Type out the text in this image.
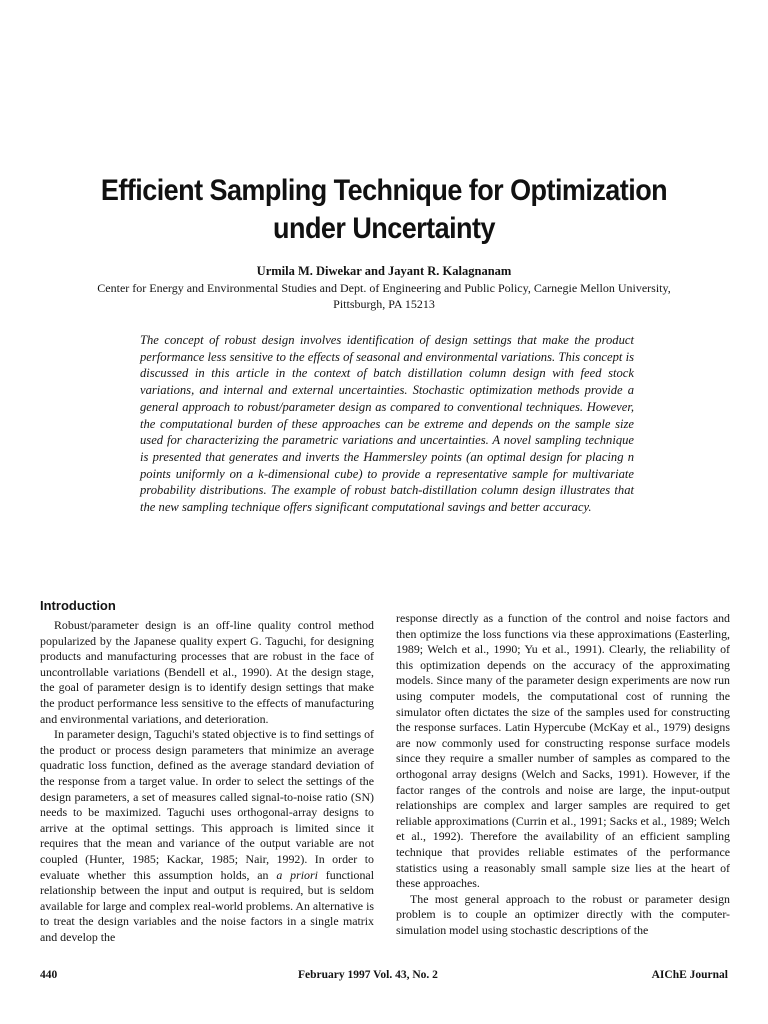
Efficient Sampling Technique for Optimization
under Uncertainty

Urmila M. Diwekar and Jayant R. Kalagnanam

Center for Energy and Environmental Studies and Dept. of Engineering and Public Policy, Carnegie Mellon University,
Pittsburgh, PA 15213

The concept of robust design involves identification of design settings that make the product performance less sensitive to the effects of seasonal and environmental variations. This concept is discussed in this article in the context of batch distillation column design with feed stock variations, and internal and external uncertainties. Stochastic optimization methods provide a general approach to robust/parameter design as compared to conventional techniques. However, the computational burden of these approaches can be extreme and depends on the sample size used for characterizing the parametric variations and uncertainties. A novel sampling technique is presented that generates and inverts the Hammersley points (an optimal design for placing n points uniformly on a k-dimensional cube) to provide a representative sample for multivariate probability distributions. The example of robust batch-distillation column design illustrates that the new sampling technique offers significant computational savings and better accuracy.

Introduction

Robust/parameter design is an off-line quality control method popularized by the Japanese quality expert G. Taguchi, for designing products and manufacturing processes that are robust in the face of uncontrollable variations (Bendell et al., 1990). At the design stage, the goal of parameter design is to identify design settings that make the product performance less sensitive to the effects of manufacturing and environmental variations, and deterioration.

In parameter design, Taguchi's stated objective is to find settings of the product or process design parameters that minimize an average quadratic loss function, defined as the average standard deviation of the response from a target value. In order to select the settings of the design parameters, a set of measures called signal-to-noise ratio (SN) needs to be maximized. Taguchi uses orthogonal-array designs to arrive at the optimal settings. This approach is limited since it requires that the mean and variance of the output variable are not coupled (Hunter, 1985; Kackar, 1985; Nair, 1992). In order to evaluate whether this assumption holds, an a priori functional relationship between the input and output is required, but is seldom available for large and complex real-world problems. An alternative is to treat the design variables and the noise factors in a single matrix and develop the

response directly as a function of the control and noise factors and then optimize the loss functions via these approximations (Easterling, 1989; Welch et al., 1990; Yu et al., 1991). Clearly, the reliability of this optimization depends on the accuracy of the approximating models. Since many of the parameter design experiments are now run using computer models, the computational cost of running the simulator often dictates the size of the samples used for constructing the response surfaces. Latin Hypercube (McKay et al., 1979) designs are now commonly used for constructing response surface models since they require a smaller number of samples as compared to the orthogonal array designs (Welch and Sacks, 1991). However, if the factor ranges of the controls and noise are large, the input-output relationships are complex and larger samples are required to get reliable approximations (Currin et al., 1991; Sacks et al., 1989; Welch et al., 1992). Therefore the availability of an efficient sampling technique that provides reliable estimates of the performance statistics using a reasonably small sample size lies at the heart of these approaches.

The most general approach to the robust or parameter design problem is to couple an optimizer directly with the computer-simulation model using stochastic descriptions of the

440	February 1997 Vol. 43, No. 2	AIChE Journal
